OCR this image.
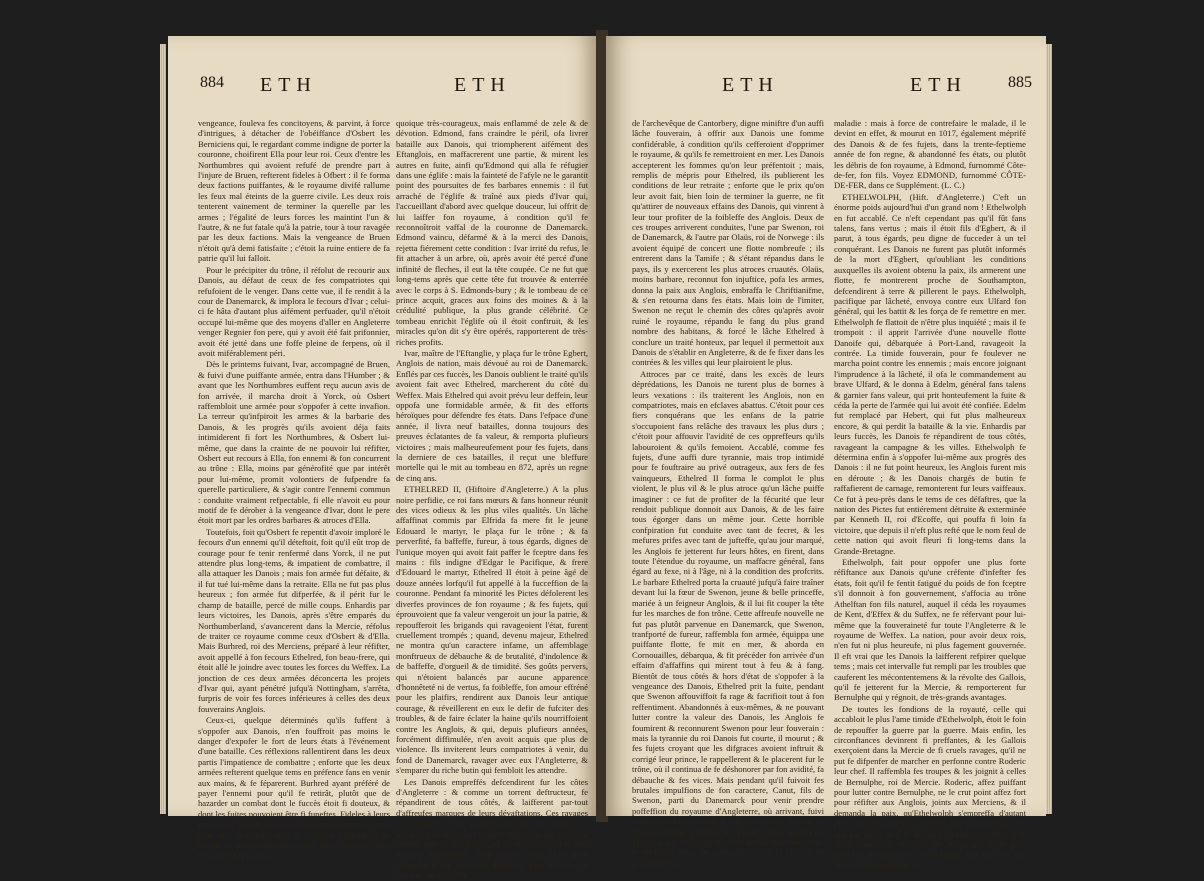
884 ETH	ETH

vengeance, fouleva fes concitoyens, & parvint, à force d'intrigues, à détacher de l'obéiffance d'Osbert les Berniciens qui, le regardant comme indigne de porter la couronne, choifirent Ella pour leur roi. Ceux d'entre les Northumbres qui avoient refufé de prendre part à l'injure de Bruen, refterent fideles à Ofbert : il fe forma deux factions puiffantes, & le royaume divifé rallume les feux mal éteints de la guerre civile. Les deux rois tenterent vainement de terminer la querelle par les armes ; l'égalité de leurs forces les maintint l'un & l'autre, & ne fut fatale qu'à la patrie, tour à tour ravagée par les deux factions. Mais la vengeance de Bruen n'étoit qu'à demi fatisfaite ; c'étoit la ruine entiere de fa patrie qu'il lui falloit.

Pour le précipiter du trône, il réfolut de recourir aux Danois, au défaut de ceux de fes compatriotes qui refufoient de le venger. Dans cette vue, il fe rendit à la cour de Danemarck, & implora le fecours d'Ivar ; celui-ci fe hâta d'autant plus aifément perfuader, qu'il n'étoit occupé lui-même que des moyens d'aller en Angleterre venger Regnier fon pere, qui y avoit été fait prifonnier, avoit été jetté dans une foffe pleine de ferpens, où il avoit miférablement péri.

Dès le printems fuivant, Ivar, accompagné de Bruen, & fuivi d'une puiffante armée, entra dans l'Humber ; & avant que les Northumbres euffent reçu aucun avis de fon arrivée, il marcha droit à Yorck, où Osbert raffembloit une armée pour s'oppofer à cette invafion. La terreur qu'infpiroit les armes & la barbarie des Danois, & les progrès qu'ils avoient déja faits intimiderent fi fort les Northumbres, & Osbert lui-même, que dans la crainte de ne pouvoir lui réfifter, Osbert eut recours à Ella, fon ennemi & fon concurrent au trône : Ella, moins par générofité que par intérêt pour lui-même, promit volontiers de fufpendre fa querelle particuliere, & s'agir contre l'ennemi commun : conduite vraiment refpectable, fi elle n'avoit eu pour motif de fe dérober à la vengeance d'Ivar, dont le pere étoit mort par les ordres barbares & atroces d'Ella.

Toutefois, foit qu'Osbert fe repentit d'avoir imploré le fecours d'un ennemi qu'il déteftoit, foit qu'il eût trop de courage pour fe tenir renfermé dans Yorck, il ne put attendre plus long-tems, & impatient de combattre, il alla attaquer les Danois ; mais fon armée fut défaite, & il fut tué lui-même dans la retraite. Ella ne fut pas plus heureux ; fon armée fut difperfée, & il périt fur le champ de bataille, percé de mille coups. Enhardis par leurs victoires, les Danois, après s'être emparés du Northumberland, s'avancerent dans la Mercie, réfolus de traiter ce royaume comme ceux d'Osbert & d'Ella. Mais Burhred, roi des Merciens, préparé à leur réfifter, avoit appellé à fon fecours Ethelred, fon beau-frere, qui étoit allé le joindre avec toutes les forces du Weffex. La jonction de ces deux armées déconcerta les projets d'Ivar qui, ayant pénétré jufqu'à Nottingham, s'arrêta, furpris de voir fes forces inférieures à celles des deux fouverains Anglois.

Ceux-ci, quelque déterminés qu'ils fuffent à s'oppofer aux Danois, n'en fouffroit pas moins le danger d'expofer le fort de leurs états à l'événement d'une bataille. Ces réflexions rallentirent dans les deux partis l'impatience de combattre ; enforte que les deux armées refterent quelque tems en préfence fans en venir aux mains, & fe féparerent. Burhred ayant préféré de payer l'ennemi pour qu'il fe retirât, plutôt que de hazarder un combat dont le fuccès étoit fi douteux, & dont les fuites pouvoient être fi funeftes. Fideles à leurs promeffes, Ivar & les Danois fe rembarquerent ; mais pour aller defcendre dans le royaume d'Eftanglie, où régnoit le jeune Edmond, prince fage, vertueux, fans talens pour la guerre,

quoique très-courageux, mais enflammé de zele & de dévotion. Edmond, fans craindre le péril, ofa livrer bataille aux Danois, qui triompherent aifément des Eftanglois, en maffacrerent une partie, & mirent les autres en fuite, ainfi qu'Edmond qui alla fe réfugier dans une églife : mais la fainteté de l'afyle ne le garantit point des poursuites de fes barbares ennemis : il fut arraché de l'églife & traîné aux pieds d'Ivar qui, l'accueillant d'abord avec quelque douceur, lui offrit de lui laiffer fon royaume, à condition qu'il fe reconnoîtroit vaffal de la couronne de Danemarck. Edmond vaincu, défarmé & à la merci des Danois, rejetta fiérement cette condition : Ivar irrité du refus, le fit attacher à un arbre, où, après avoir été percé d'une infinité de fleches, il eut la tête coupée. Ce ne fut que long-tems après que cette tête fut trouvée & enterrée avec le corps à S. Edmonds-bury ; & le tombeau de ce prince acquit, graces aux foins des moines & à la crédulité publique, la plus grande célébrité. Ce tombeau enrichit l'églife où il étoit conftruit, & les miracles qu'on dit s'y être opérés, rapporterent de très-riches profits.

Ivar, maître de l'Eftanglie, y plaça fur le trône Egbert, Anglois de nation, mais dévoué au roi de Danemarck. Enflés par ces fuccès, les Danois oublient le traité qu'ils avoient fait avec Ethelred, marcherent du côté du Weffex. Mais Ethelred qui avoit prévu leur deffein, leur oppofa une formidable armée, & fit des efforts héroïques pour défendre fes états. Dans l'efpace d'une année, il livra neuf batailles, donna toujours des preuves éclatantes de fa valeur, & remporta plufieurs victoires ; mais malheureufement pour fes fujets, dans la derniere de ces batailles, il reçut une bleffure mortelle qui le mit au tombeau en 872, après un regne de cinq ans.

ETHELRED II, (Hiftoire d'Angleterre.) A la plus noire perfidie, ce roi fans mœurs & fans honneur réunit des vices odieux & les plus viles qualités. Un lâche affaffinat commis par Elfrida fa mere fit le jeune Edouard le martyr, le plaça fur le trône ; & fa perverfité, fa baffeffe, fureur, à tous égards, dignes de l'unique moyen qui avoit fait paffer le fceptre dans fes mains : fils indigne d'Edgar le Pacifique, & frere d'Edouard le martyr, Ethelred II étoit à peine âgé de douze années lorfqu'il fut appellé à la fucceffion de la couronne. Pendant fa minorité les Pictes défolerent les diverfes provinces de fon royaume ; & fes fujets, qui éprouvoient que fa valeur vengeroit un jour la patrie, & repoufferoit les brigands qui ravageoient l'état, furent cruellement trompés ; quand, devenu majeur, Ethelred ne montra qu'un caractere infame, un affemblage monftrueux de débauche & de brutalité, d'indolence & de baffeffe, d'orgueil & de timidité. Ses goûts pervers, qui n'étoient balancés par aucune apparence d'honnêteté ni de vertus, fa foibleffe, fon amour effréné pour les plaifirs, rendirent aux Danois leur antique courage, & réveillerent en eux le defir de fufciter des troubles, & de faire éclater la haine qu'ils nourriffoient contre les Anglois, & qui, depuis plufieurs années, forcément diffimulée, n'en avoit acquis que plus de violence. Ils inviterent leurs compatriotes à venir, du fond de Danemarck, ravager avec eux l'Angleterre, & s'emparer du riche butin qui fembloit les attendre.

Les Danois empreffés defcendirent fur les côtes d'Angleterre : & comme un torrent deftructeur, fe répandirent de tous côtés, & laifferent par-tout d'affreufes marques de leurs dévaftations. Ces ravages continuerent & fe perpétuerent par les fréquentes irruptions de nouvelles troupes de Danois qui paffoient chaque jour en Angleterre, où ils commettoient le plus horrible brigandage. Trop timide, trop lâche pour s'oppofer à ces invafions, Ethelred, peu fait pour le combat, fut confeillé

ETH	ETH	885

de l'archevêque de Cantorbery, digne miniftre d'un auffi lâche fouverain, à offrir aux Danois une fomme confidérable, à condition qu'ils cefferoient d'opprimer le royaume, & qu'ils fe remettroient en mer. Les Danois accepterent les fommes qu'on leur préfentoit ; mais, remplis de mépris pour Ethelred, ils publierent les conditions de leur retraite ; enforte que le prix qu'on leur avoit fait, bien loin de terminer la guerre, ne fit qu'attirer de nouveaux effains des Danois, qui vinrent à leur tour profiter de la foibleffe des Anglois. Deux de ces troupes arriverent conduites, l'une par Swenon, roi de Danemarck, & l'autre par Olaüs, roi de Norwege : ils avoient équipé de concert une flotte nombreufe ; ils entrerent dans la Tamife ; & s'étant répandus dans le pays, ils y exercerent les plus atroces cruautés. Olaüs, moins barbare, reconnut fon injuftice, pofa les armes, donna la paix aux Anglois, embraffa le Chriftianifme, & s'en retourna dans fes états. Mais loin de l'imiter, Swenon ne reçut le chemin des côtes qu'après avoir ruiné le royaume, répandu le fang du plus grand nombre des habitans, & forcé le lâche Ethelred à conclure un traité honteux, par lequel il permettoit aux Danois de s'établir en Angleterre, & de fe fixer dans les contrées & les villes qui leur plairoient le plus.

Attroces par ce traité, dans les excès de leurs déprédations, les Danois ne turent plus de bornes à leurs vexations : ils traiterent les Anglois, non en compatriotes, mais en efclaves abattus. C'étoit pour ces fiers conquérans que les enfans de la patrie s'occupoient fans relâche des travaux les plus durs ; c'étoit pour affouvir l'avidité de ces oppreffeurs qu'ils labouroient & qu'ils femoient. Accablé, comme fes fujets, d'une auffi dure tyrannie, mais trop intimidé pour fe fouftraire au privé outrageux, aux fers de fes vainqueurs, Ethelred II forma le complot le plus violent, le plus vil & le plus atroce qu'un lâche puiffe imaginer : ce fut de profiter de la fécurité que leur rendoit publique donnoit aux Danois, & de les faire tous égorger dans un même jour. Cette horrible confpiration fut conduite avec tant de fecret, & les mefures prifes avec tant de jufteffe, qu'au jour marqué, les Anglois fe jetterent fur leurs hôtes, en firent, dans toute l'étendue du royaume, un maffacre général, fans égard au fexe, ni à l'âge, ni à la condition des profcrits. Le barbare Ethelred porta la cruauté jufqu'à faire traîner devant lui la fœur de Swenon, jeune & belle princeffe, mariée à un feigneur Anglois, & il lui fit couper la tête fur les marches de fon trône. Cette affreufe nouvelle ne fut pas plutôt parvenue en Danemarck, que Swenon, tranfporté de fureur, raffembla fon armée, équippa une puiffante flotte, fe mit en mer, & aborda en Cornouailles, débarqua, & fit précéder fon arrivée d'un effaim d'affaffins qui mirent tout à feu & à fang. Bientôt de tous côtés & hors d'état de s'oppofer à la vengeance des Danois, Ethelred prit la fuite, pendant que Swenon affouviffoit fa rage & facrifioit tout à fon reffentiment. Abandonnés à eux-mêmes, & ne pouvant lutter contre la valeur des Danois, les Anglois fe foumirent & reconnurent Swenon pour leur fouverain : mais la tyrannie du roi Danois fut courte, il mourut ; & fes fujets croyant que les difgraces avoient inftruit & corrigé leur prince, le rappellerent & le placerent fur le trône, où il continua de fe déshonorer par fon avidité, fa débauche & fes vices. Mais pendant qu'il fuivoit fes brutales impulfions de fon caractere, Canut, fils de Swenon, parti du Danemarck pour venir prendre poffeffion du royaume d'Angleterre, où arrivant, fuivi d'une formidable armée, il fubjugua tout le Weffex, & fucceffivement envahit la plupart des provinces. Ethelred, qui n'offoit fe montrer devant fon concurrent, fe renferma dans fon palais, couvrant fa lâcheté du prétexte d'une

maladie : mais à force de contrefaire le malade, il le devint en effet, & mourut en 1017, également méprifé des Danois & de fes fujets, dans la trente-feptieme année de fon regne, & abandonné fes états, ou plutôt les débris de fon royaume, à Edmond, furnommé Côte-de-fer, fon fils. Voyez EDMOND, furnommé CÔTE-DE-FER, dans ce Supplément. (L. C.)

ETHELWOLPH, (Hift. d'Angleterre.) C'eft un énorme poids aujourd'hui d'un grand nom ! Ethelwolph en fut accablé. Ce n'eft cependant pas qu'il fût fans talens, fans vertus ; mais il étoit fils d'Egbert, & il parut, à tous égards, peu digne de fucceder à un tel conquérant. Les Danois ne furent pas plutôt informés de la mort d'Egbert, qu'oubliant les conditions auxquelles ils avoient obtenu la paix, ils armerent une flotte, fe montrerent proche de Southampton, defcendirent à terre & pillerent le pays. Ethelwolph, pacifique par lâcheté, envoya contre eux Ulfard fon général, qui les battit & les força de fe remettre en mer. Ethelwolph fe flattoit de n'être plus inquiété ; mais il fe trompoit : il apprit l'arrivée d'une nouvelle flotte Danoife qui, débarquée à Port-Land, ravageoit la contrée. La timide fouverain, pour fe foulever ne marcha point contre les ennemis ; mais encore joignant l'imprudence à la lâcheté, il ofa le commandement au brave Ulfard, & le donna à Edelm, général fans talens & garnier fans valeur, qui prit honteufement la fuite & céda la perte de l'armée qui lui avoit été confiée. Edelm fut remplacé par Hebert, qui fut plus malheureux encore, & qui perdit la bataille & la vie. Enhardis par leurs fuccès, les Danois fe répandirent de tous côtés, ravageant la campagne & les villes. Ethelwolph fe détermina enfin à s'oppofer lui-même aux progrès des Danois : il ne fut point heureux, les Anglois furent mis en déroute ; & les Danois chargés de butin fe raffafierent de carnage, remonterent fur leurs vaiffeaux. Ce fut à peu-près dans le tems de ces défaftres, que la nation des Pictes fut entiérement détruite & exterminée par Kenneth II, roi d'Ecoffe, qui pouffa fi loin fa victoire, que depuis il n'eft plus refté que le nom feul de cette nation qui avoit fleuri fi long-tems dans la Grande-Bretagne.

Ethelwolph, fait pour oppofer une plus forte réfiftance aux Danois qu'une créfente d'infefter fes états, foit qu'il fe fentit fatigué du poids de fon fceptre s'il donnoit à fon gouvernement, s'affocia au trône Athelftan fon fils naturel, auquel il céda les royaumes de Kent, d'Effex & du Suffex, ne fe réfervant pour lui-même que la fouveraineté fur toute l'Angleterre & le royaume de Weffex. La nation, pour avoir deux rois, n'en fut ni plus heureufe, ni plus fagement gouvernée. Il eft vrai que les Danois la laifferent refpirer quelque tems ; mais cet intervalle fut rempli par les troubles que cauferent les mécontentemens & la révolte des Gallois, qu'il fe jetterent fur la Mercie, & remporterent fur Bernulphe qui y régnoit, de très-grands avantages.

De toutes les fondions de la royauté, celle qui accabloit le plus l'ame timide d'Ethelwolph, étoit le foin de repouffer la guerre par la guerre. Mais enfin, les circonftances devinrent fi preffantes, & les Gallois exerçoient dans la Mercie de fi cruels ravages, qu'il ne put fe difpenfer de marcher en perfonne contre Roderic leur chef. Il raffembla fes troupes & les joignit à celles de Bernulphe, roi de Mercie. Roderic, affez puiffant pour lutter contre Bernulphe, ne le crut point affez fort pour réfifter aux Anglois, joints aux Merciens, & il demanda la paix, qu'Ethelwolph s'empreffa d'autant plus volontiers de lui accorder, que ce n'étoit jamais que par effort qu'il fe décidoit à combattre. Mais il fe flatta vainement de jouir du repos que cette paix fembloit lui procurer : les Danois, qui tous les ans faifoient des invafions en
